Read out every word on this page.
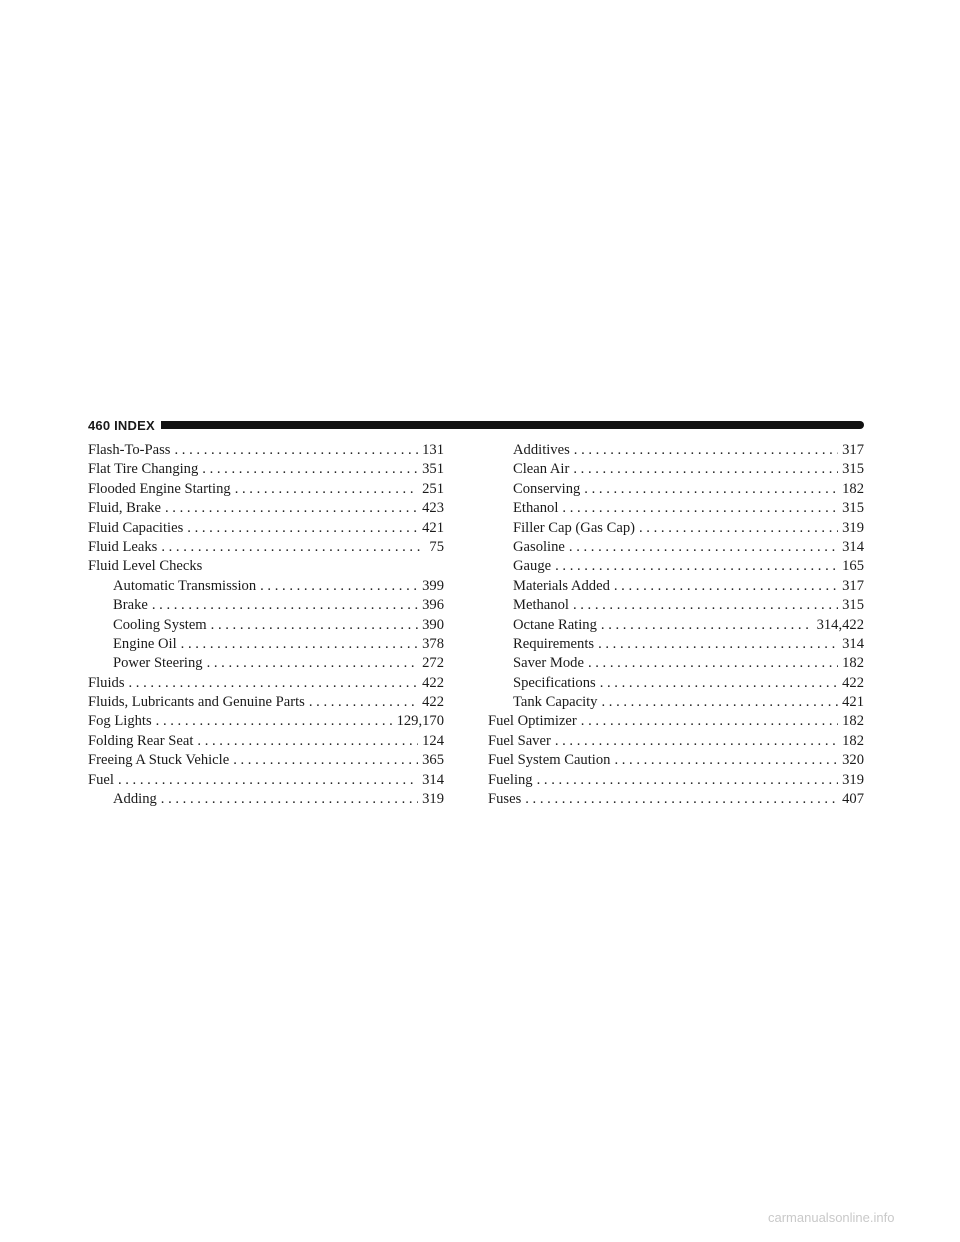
460 INDEX
Flash-To-Pass . . .	131
Flat Tire Changing . . .	351
Flooded Engine Starting . . .	251
Fluid, Brake . . .	423
Fluid Capacities . . .	421
Fluid Leaks . . .	75
Fluid Level Checks
Automatic Transmission . . .	399
Brake . . .	396
Cooling System . . .	390
Engine Oil . . .	378
Power Steering . . .	272
Fluids . . .	422
Fluids, Lubricants and Genuine Parts . . .	422
Fog Lights . . .	129,170
Folding Rear Seat . . .	124
Freeing A Stuck Vehicle . . .	365
Fuel . . .	314
Adding . . .	319
Additives . . .	317
Clean Air . . .	315
Conserving . . .	182
Ethanol . . .	315
Filler Cap (Gas Cap) . . .	319
Gasoline . . .	314
Gauge . . .	165
Materials Added . . .	317
Methanol . . .	315
Octane Rating . . .	314,422
Requirements . . .	314
Saver Mode . . .	182
Specifications . . .	422
Tank Capacity . . .	421
Fuel Optimizer . . .	182
Fuel Saver . . .	182
Fuel System Caution . . .	320
Fueling . . .	319
Fuses . . .	407
carmanualsonline.info
